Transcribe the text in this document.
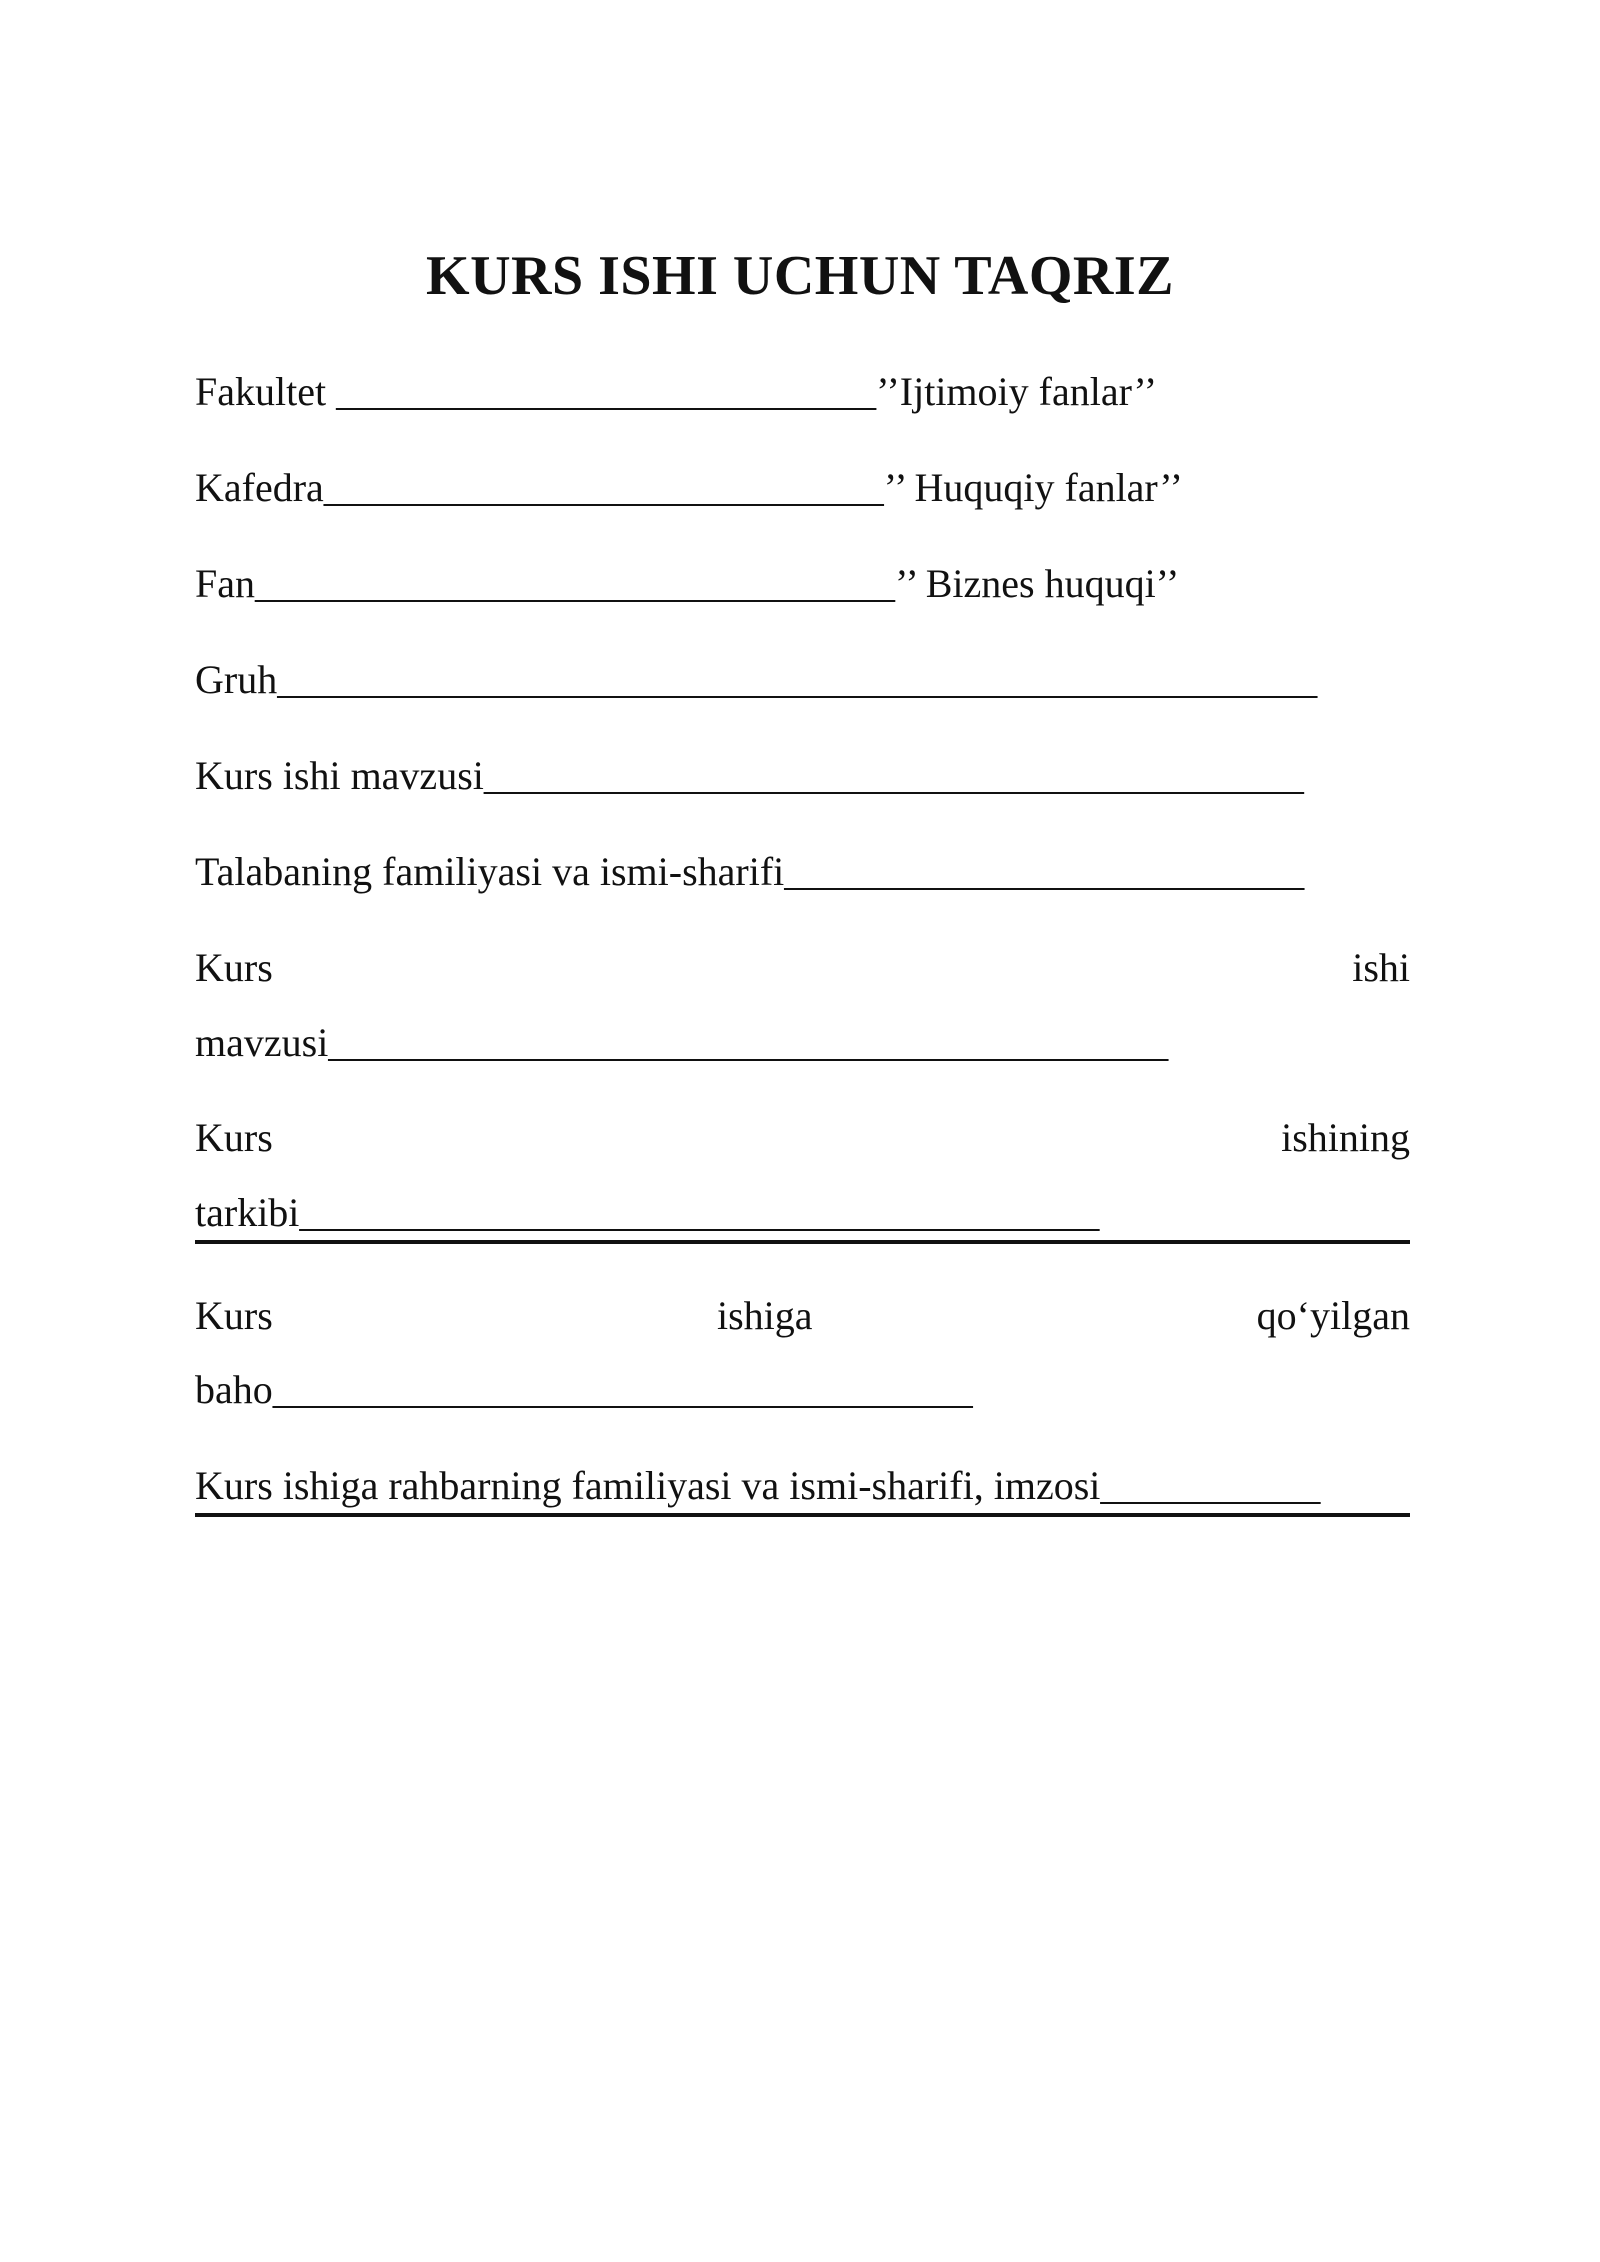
KURS ISHI UCHUN TAQRIZ
Fakultet ___________________________’’Ijtimoiy fanlar’’
Kafedra____________________________’’ Huquqiy fanlar’’
Fan________________________________’’ Biznes huquqi’’
Gruh____________________________________________________
Kurs ishi mavzusi_________________________________________
Talabaning familiyasi va ismi-sharifi__________________________
Kurs	ishi
mavzusi__________________________________________
Kurs	ishining
tarkibi________________________________________
Kurs	ishiga	qo‘yilgan
baho___________________________________
Kurs ishiga rahbarning familiyasi va ismi-sharifi, imzosi___________
